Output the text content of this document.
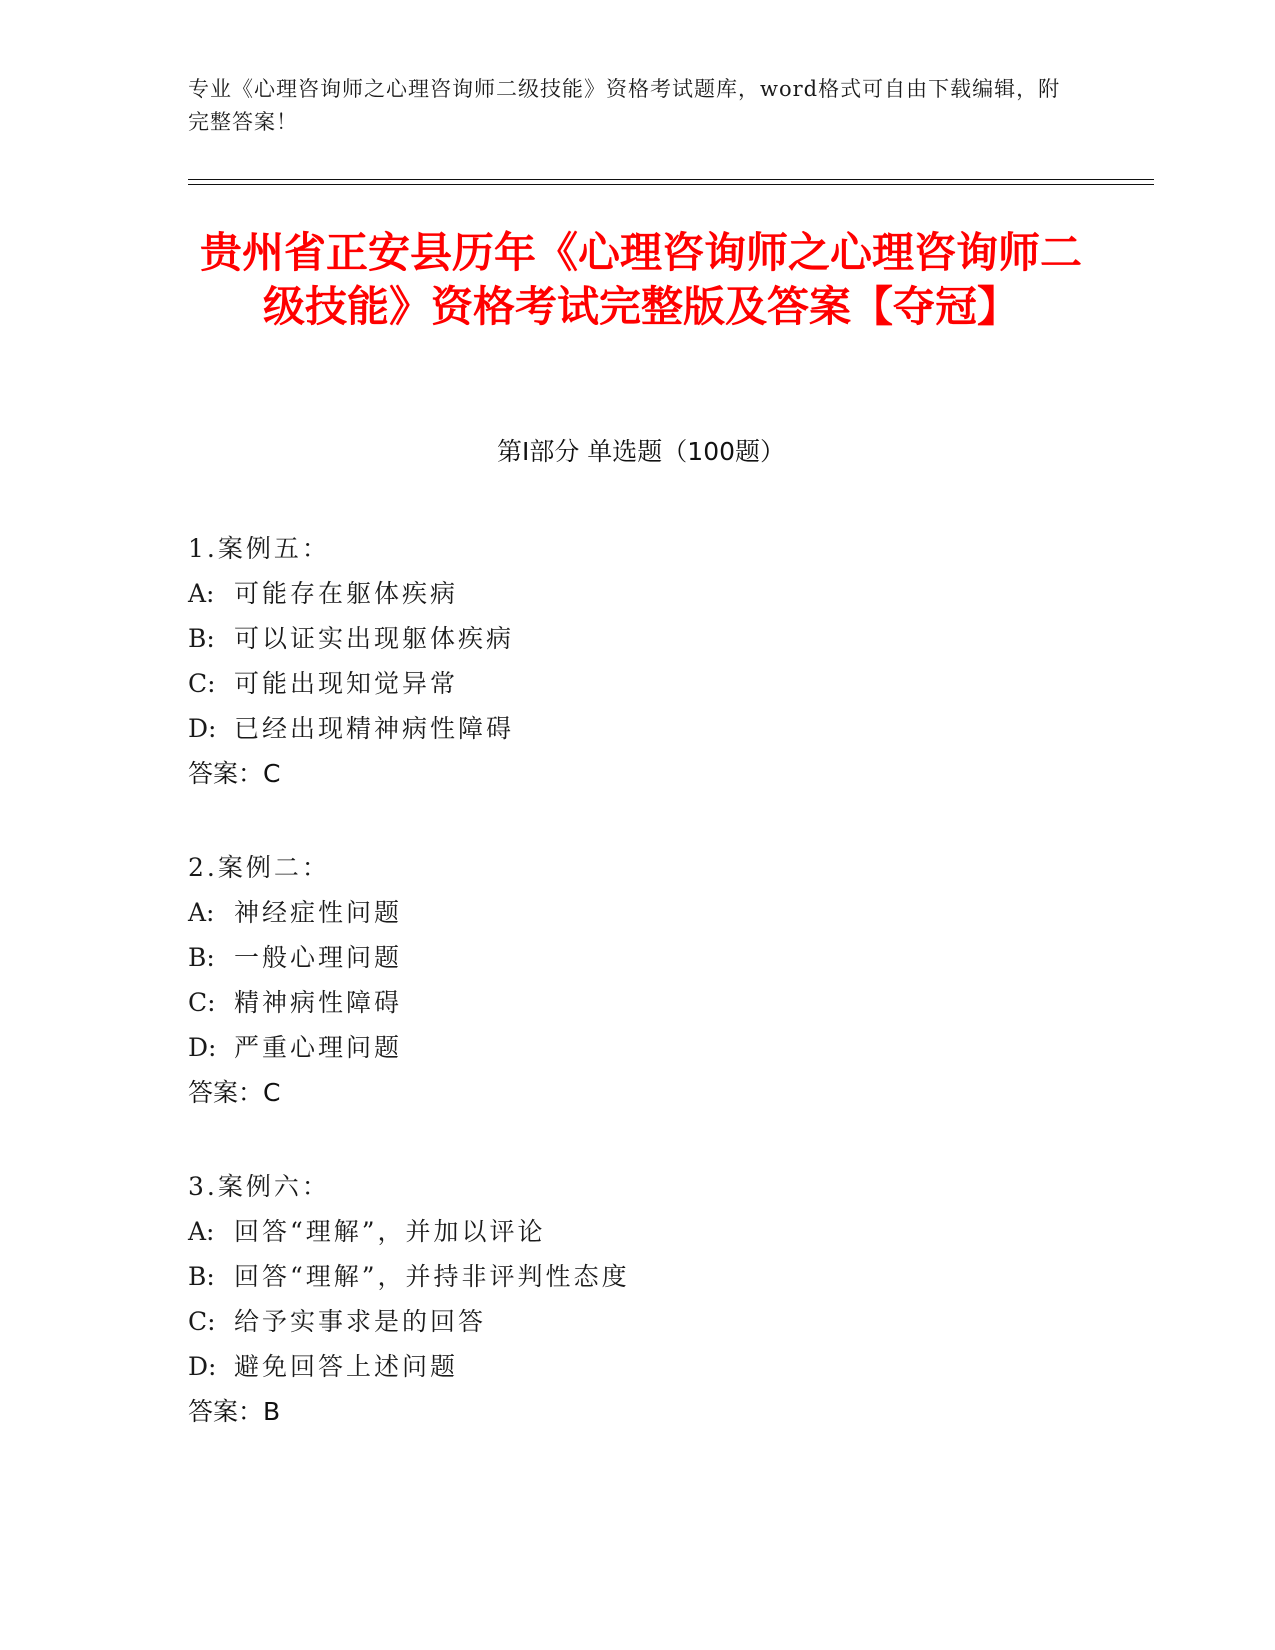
专业《心理咨询师之心理咨询师二级技能》资格考试题库，word格式可自由下载编辑，附完整答案！
贵州省正安县历年《心理咨询师之心理咨询师二级技能》资格考试完整版及答案【夺冠】
第I部分 单选题（100题）
1.案例五：
A: 可能存在躯体疾病
B: 可以证实出现躯体疾病
C: 可能出现知觉异常
D: 已经出现精神病性障碍
答案：C
2.案例二：
A: 神经症性问题
B: 一般心理问题
C: 精神病性障碍
D: 严重心理问题
答案：C
3.案例六：
A: 回答“理解”，并加以评论
B: 回答“理解”，并持非评判性态度
C: 给予实事求是的回答
D: 避免回答上述问题
答案：B
